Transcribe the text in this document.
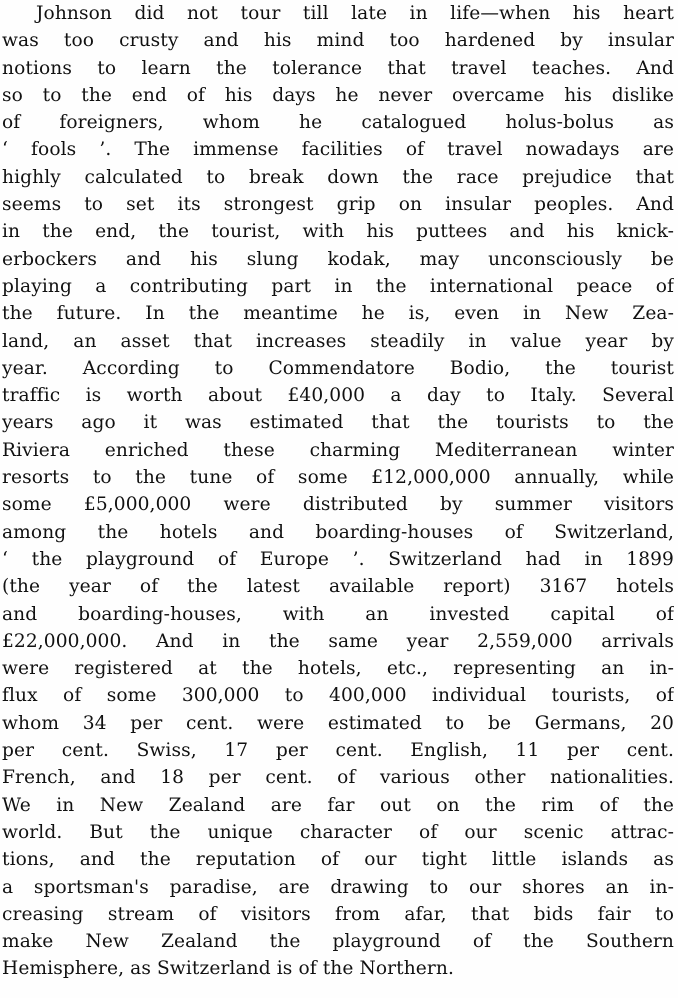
Johnson did not tour till late in life—when his heart
was too crusty and his mind too hardened by insular
notions to learn the tolerance that travel teaches. And
so to the end of his days he never overcame his dislike
of foreigners, whom he catalogued holus-bolus as
‘ fools ’. The immense facilities of travel nowadays are
highly calculated to break down the race prejudice that
seems to set its strongest grip on insular peoples. And
in the end, the tourist, with his puttees and his knick-
erbockers and his slung kodak, may unconsciously be
playing a contributing part in the international peace of
the future. In the meantime he is, even in New Zea-
land, an asset that increases steadily in value year by
year. According to Commendatore Bodio, the tourist
traffic is worth about £40,000 a day to Italy. Several
years ago it was estimated that the tourists to the
Riviera enriched these charming Mediterranean winter
resorts to the tune of some £12,000,000 annually, while
some £5,000,000 were distributed by summer visitors
among the hotels and boarding-houses of Switzerland,
‘ the playground of Europe ’. Switzerland had in 1899
(the year of the latest available report) 3167 hotels
and boarding-houses, with an invested capital of
£22,000,000. And in the same year 2,559,000 arrivals
were registered at the hotels, etc., representing an in-
flux of some 300,000 to 400,000 individual tourists, of
whom 34 per cent. were estimated to be Germans, 20
per cent. Swiss, 17 per cent. English, 11 per cent.
French, and 18 per cent. of various other nationalities.
We in New Zealand are far out on the rim of the
world. But the unique character of our scenic attrac-
tions, and the reputation of our tight little islands as
a sportsman's paradise, are drawing to our shores an in-
creasing stream of visitors from afar, that bids fair to
make New Zealand the playground of the Southern
Hemisphere, as Switzerland is of the Northern.
